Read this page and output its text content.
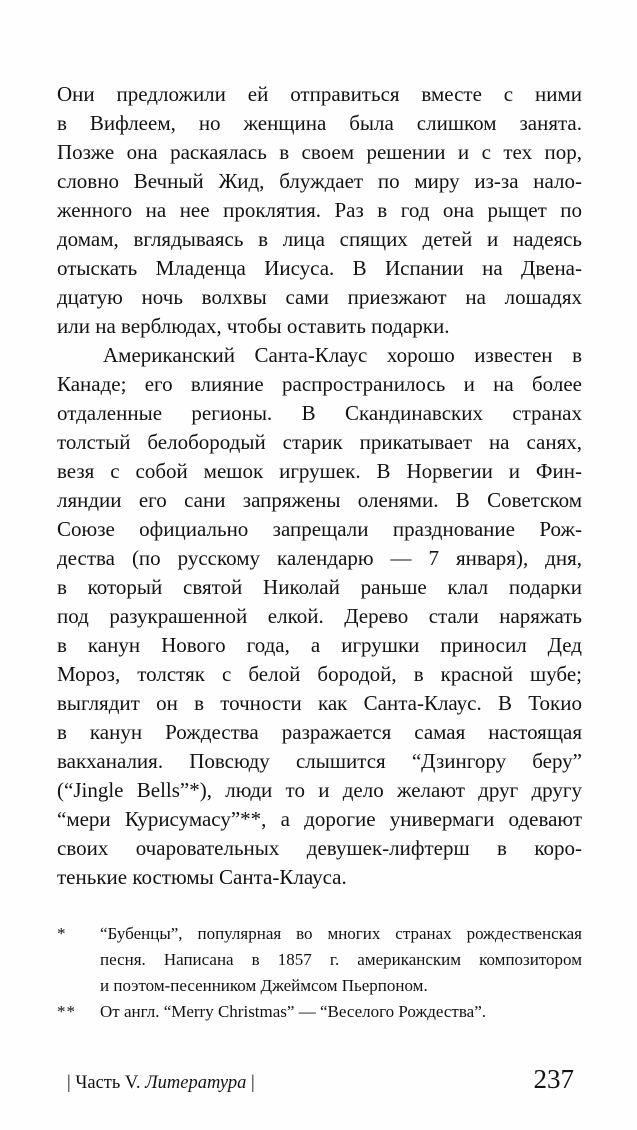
Они предложили ей отправиться вместе с ними
в Вифлеем, но женщина была слишком занята.
Позже она раскаялась в своем решении и с тех пор,
словно Вечный Жид, блуждает по миру из-за нало-
женного на нее проклятия. Раз в год она рыщет по
домам, вглядываясь в лица спящих детей и надеясь
отыскать Младенца Иисуса. В Испании на Двена-
дцатую ночь волхвы сами приезжают на лошадях
или на верблюдах, чтобы оставить подарки.
Американский Санта-Клаус хорошо известен в
Канаде; его влияние распространилось и на более
отдаленные регионы. В Скандинавских странах
толстый белобородый старик прикатывает на санях,
везя с собой мешок игрушек. В Норвегии и Фин-
ляндии его сани запряжены оленями. В Советском
Союзе официально запрещали празднование Рож-
дества (по русскому календарю — 7 января), дня,
в который святой Николай раньше клал подарки
под разукрашенной елкой. Дерево стали наряжать
в канун Нового года, а игрушки приносил Дед
Мороз, толстяк с белой бородой, в красной шубе;
выглядит он в точности как Санта-Клаус. В Токио
в канун Рождества разражается самая настоящая
вакханалия. Повсюду слышится “Дзингору беру”
(“Jingle Bells”*), люди то и дело желают друг другу
“мери Курисумасу”**, а дорогие универмаги одевают
своих очаровательных девушек-лифтерш в коро-
тенькие костюмы Санта-Клауса.
*	“Бубенцы”, популярная во многих странах рождественская
песня. Написана в 1857 г. американским композитором
и поэтом-песенником Джеймсом Пьерпоном.
**	От англ. “Merry Christmas” — “Веселого Рождества”.
| Часть V. Литература |	237
